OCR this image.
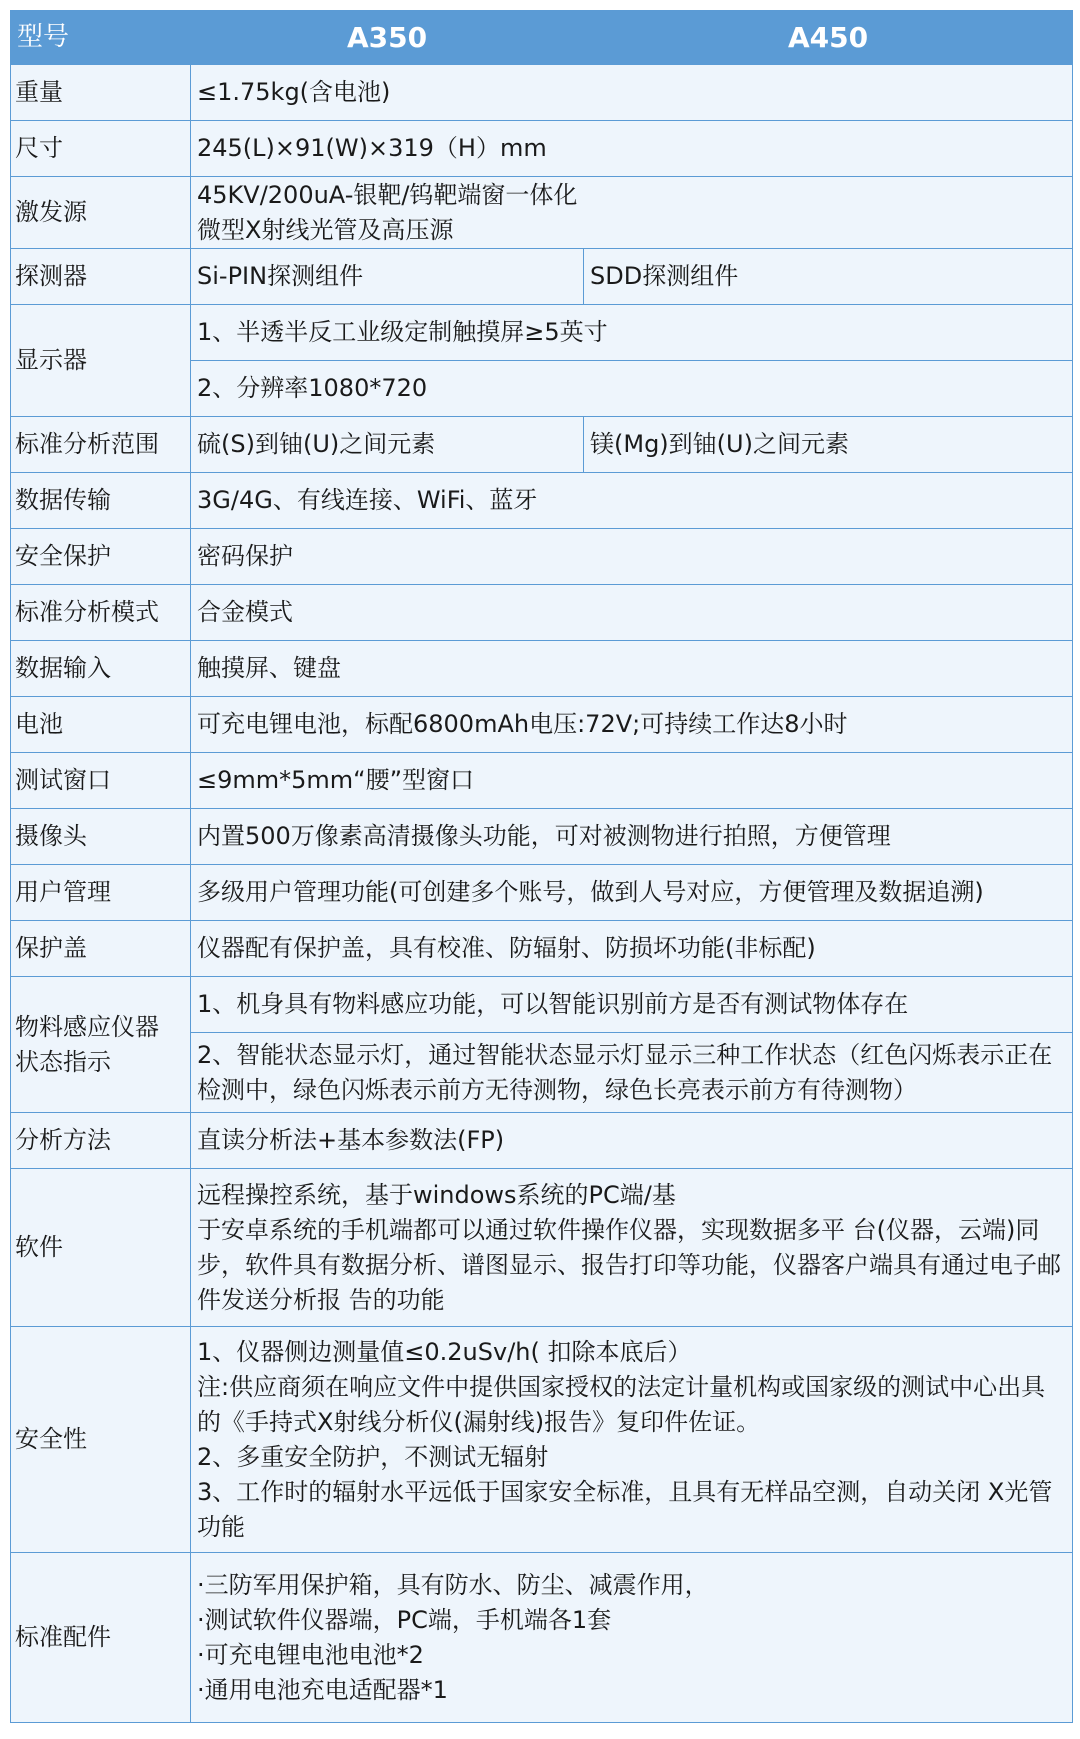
型号	A350	A450
重量	≤1.75kg(含电池)	
尺寸	245(L)×91(W)×319（H）mm	
激发源	45KV/200uA-银靶/钨靶端窗一体化
微型X射线光管及高压源	

探测器	Si-PIN探测组件	SDD探测组件
显示器	1、半透半反工业级定制触摸屏≥5英寸	
	2、分辨率1080*720	
标准分析范围	硫(S)到铀(U)之间元素	镁(Mg)到铀(U)之间元素
数据传输	3G/4G、有线连接、WiFi、蓝牙	
安全保护	密码保护	
标准分析模式	合金模式	
数据输入	触摸屏、键盘	
电池	可充电锂电池，标配6800mAh电压:72V;可持续工作达8小时	
测试窗口	≤9mm*5mm“腰”型窗口	
摄像头	内置500万像素高清摄像头功能，可对被测物进行拍照，方便管理	
用户管理	多级用户管理功能(可创建多个账号，做到人号对应，方便管理及数据追溯)	
保护盖	仪器配有保护盖，具有校准、防辐射、防损坏功能(非标配)	

物料感应仪器
状态指示	1、机身具有物料感应功能，可以智能识别前方是否有测试物体存在	
	2、智能状态显示灯，通过智能状态显示灯显示三种工作状态（红色闪烁表示正在检测中，绿色闪烁表示前方无待测物，绿色长亮表示前方有待测物）	
分析方法	直读分析法+基本参数法(FP)	
软件	远程操控系统，基于windows系统的PC端/基
于安卓系统的手机端都可以通过软件操作仪器，实现数据多平 台(仪器，云端)同步，软件具有数据分析、谱图显示、报告打印等功能，仪器客户端具有通过电子邮件发送分析报 告的功能	

安全性	1、仪器侧边测量值≤0.2uSv/h( 扣除本底后）
注:供应商须在响应文件中提供国家授权的法定计量机构或国家级的测试中心出具的《手持式X射线分析仪(漏射线)报告》复印件佐证。
2、多重安全防护，不测试无辐射
3、工作时的辐射水平远低于国家安全标准，且具有无样品空测，自动关闭 X光管功能	

标准配件	·三防军用保护箱，具有防水、防尘、减震作用，
·测试软件仪器端，PC端，手机端各1套
·可充电锂电池电池*2
·通用电池充电适配器*1	
